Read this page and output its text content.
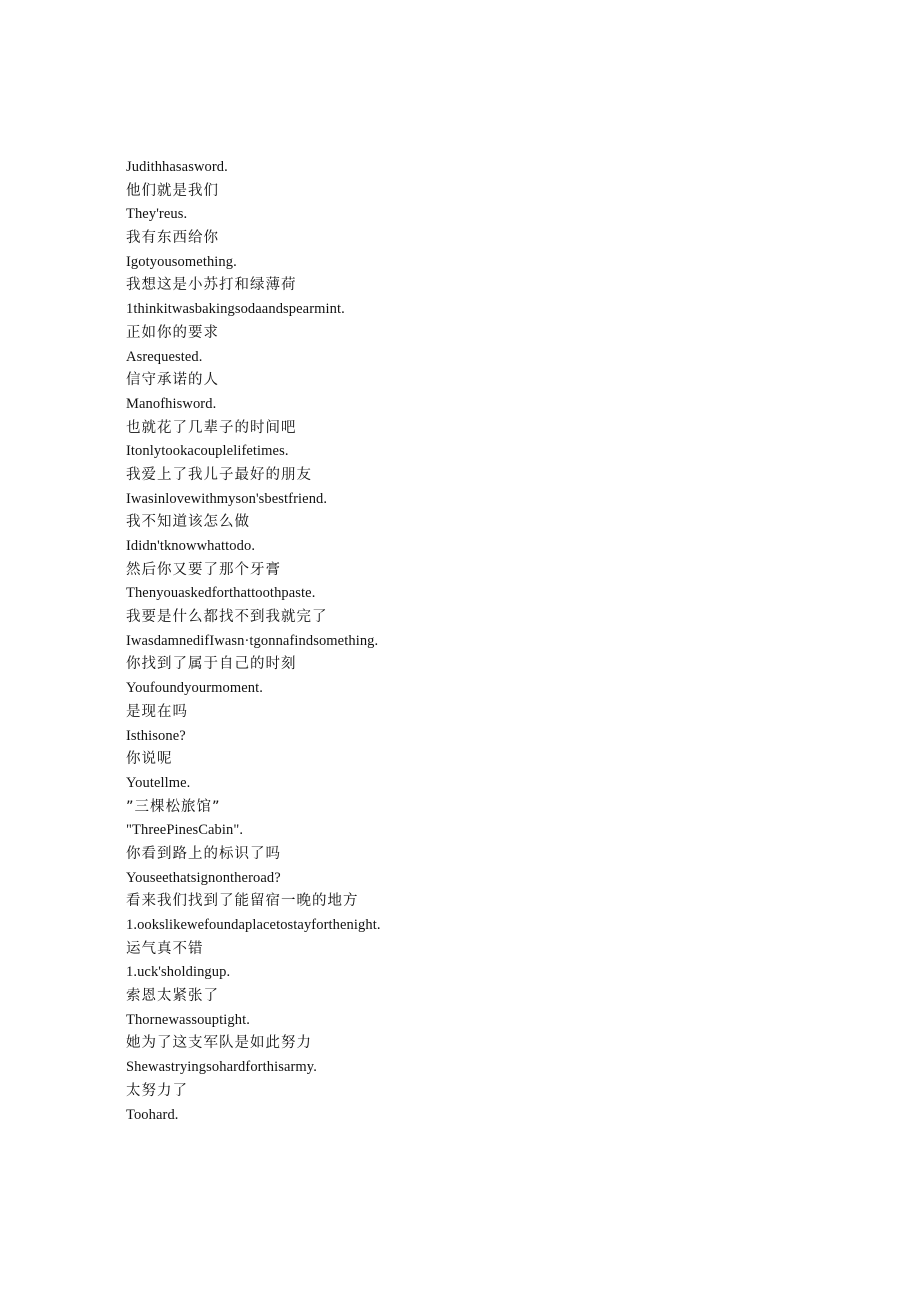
Judithhasasword.
他们就是我们
They'reus.
我有东西给你
Igotyousomething.
我想这是小苏打和绿薄荷
1thinkitwasbakingsodaandspearmint.
正如你的要求
Asrequested.
信守承诺的人
Manofhisword.
也就花了几辈子的时间吧
Itonlytookacouplelifetimes.
我爱上了我儿子最好的朋友
Iwasinlovewithmyson'sbestfriend.
我不知道该怎么做
Ididn'tknowwhattodo.
然后你又要了那个牙膏
Thenyouaskedforthattoothpaste.
我要是什么都找不到我就完了
IwasdamnedifIwasn·tgonnafindsomething.
你找到了属于自己的时刻
Youfoundyourmoment.
是现在吗
Isthisone?
你说呢
Youtellme.
”三棵松旅馆”
"ThreePinesCabin".
你看到路上的标识了吗
Youseethatsignontheroad?
看来我们找到了能留宿一晚的地方
1.ookslikewefoundaplacetostayforthenight.
运气真不错
1.uck'sholdingup.
索恩太紧张了
Thornewassouptight.
她为了这支军队是如此努力
Shewastryingsohardforthisarmy.
太努力了
Toohard.
